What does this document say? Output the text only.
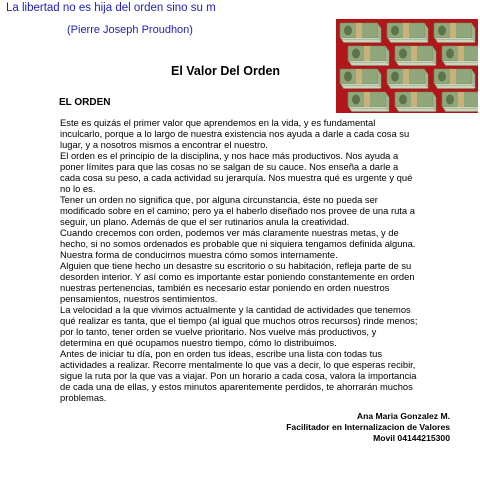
La libertad no es hija del orden sino su m
(Pierre Joseph Proudhon)
El Valor Del Orden
EL ORDEN

Este es quizás el primer valor que aprendemos en la vida, y es fundamental inculcarlo, porque a lo largo de nuestra existencia nos ayuda a darle a cada cosa su lugar, y a nosotros mismos a encontrar el nuestro.

El orden es el principio de la disciplina, y nos hace más productivos. Nos ayuda a poner límites para que las cosas no se salgan de su cauce. Nos enseña a darle a cada cosa su peso, a cada actividad su jerarquía. Nos muestra qué es urgente y qué no lo es.

Tener un orden no significa que, por alguna circunstancia, éste no pueda ser modificado sobre en el camino; pero ya el haberlo diseñado nos provee de una ruta a seguir, un plano. Además de que el ser rutinarios anula la creatividad.

Cuando crecemos con orden, podemos ver más claramente nuestras metas, y de hecho, si no somos ordenados es probable que ni siquiera tengamos definida alguna.

Nuestra forma de conducirnos muestra cómo somos internamente.

Alguien que tiene hecho un desastre su escritorio o su habitación, refleja parte de su desorden interior. Y así como es importante estar poniendo constantemente en orden nuestras pertenencias, también es necesario estar poniendo en orden nuestros pensamientos, nuestros sentimientos.

La velocidad a la que vivimos actualmente y la cantidad de actividades que tenemos qué realizar es tanta, que el tiempo (al igual que muchos otros recursos) rinde menos; por lo tanto, tener orden se vuelve prioritario. Nos vuelve más productivos, y determina en qué ocupamos nuestro tiempo, cómo lo distribuimos.

Antes de iniciar tu día, pon en orden tus ideas, escribe una lista con todas tus actividades a realizar. Recorre mentalmente lo que vas a decir, lo que esperas recibir, sigue la ruta por la que vas a viajar. Pon un horario a cada cosa, valora la importancia de cada una de ellas, y estos minutos aparentemente perdidos, te ahorrarán muchos problemas.

Ana Maria Gonzalez M.
Facilitador en Internalizacion de Valores
Movil 04144215300
